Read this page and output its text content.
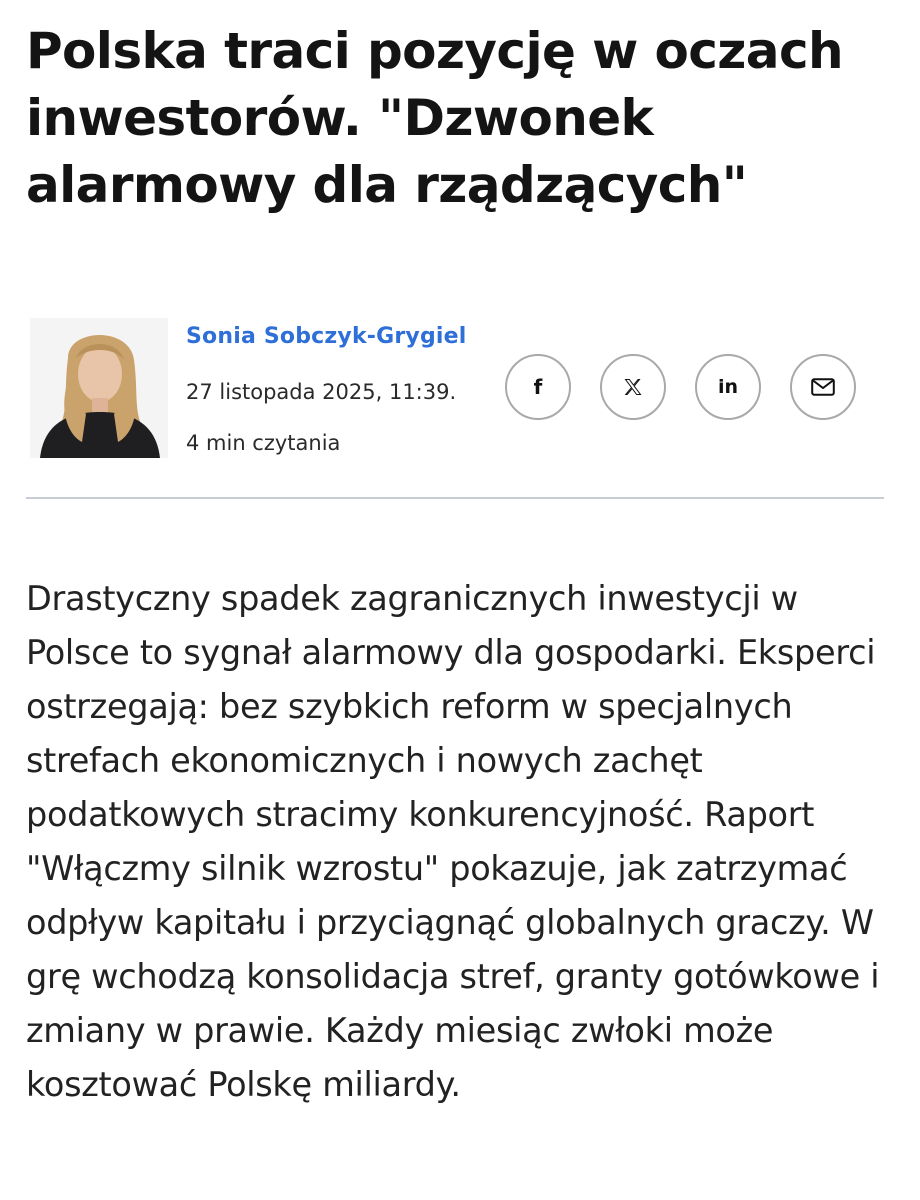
Polska traci pozycję w oczach inwestorów. "Dzwonek alarmowy dla rządzących"
Sonia Sobczyk-Grygiel
27 listopada 2025, 11:39.
4 min czytania
f	in

Drastyczny spadek zagranicznych inwestycji w Polsce to sygnał alarmowy dla gospodarki. Eksperci ostrzegają: bez szybkich reform w specjalnych strefach ekonomicznych i nowych zachęt podatkowych stracimy konkurencyjność. Raport "Włączmy silnik wzrostu" pokazuje, jak zatrzymać odpływ kapitału i przyciągnąć globalnych graczy. W grę wchodzą konsolidacja stref, granty gotówkowe i zmiany w prawie. Każdy miesiąc zwłoki może kosztować Polskę miliardy.
